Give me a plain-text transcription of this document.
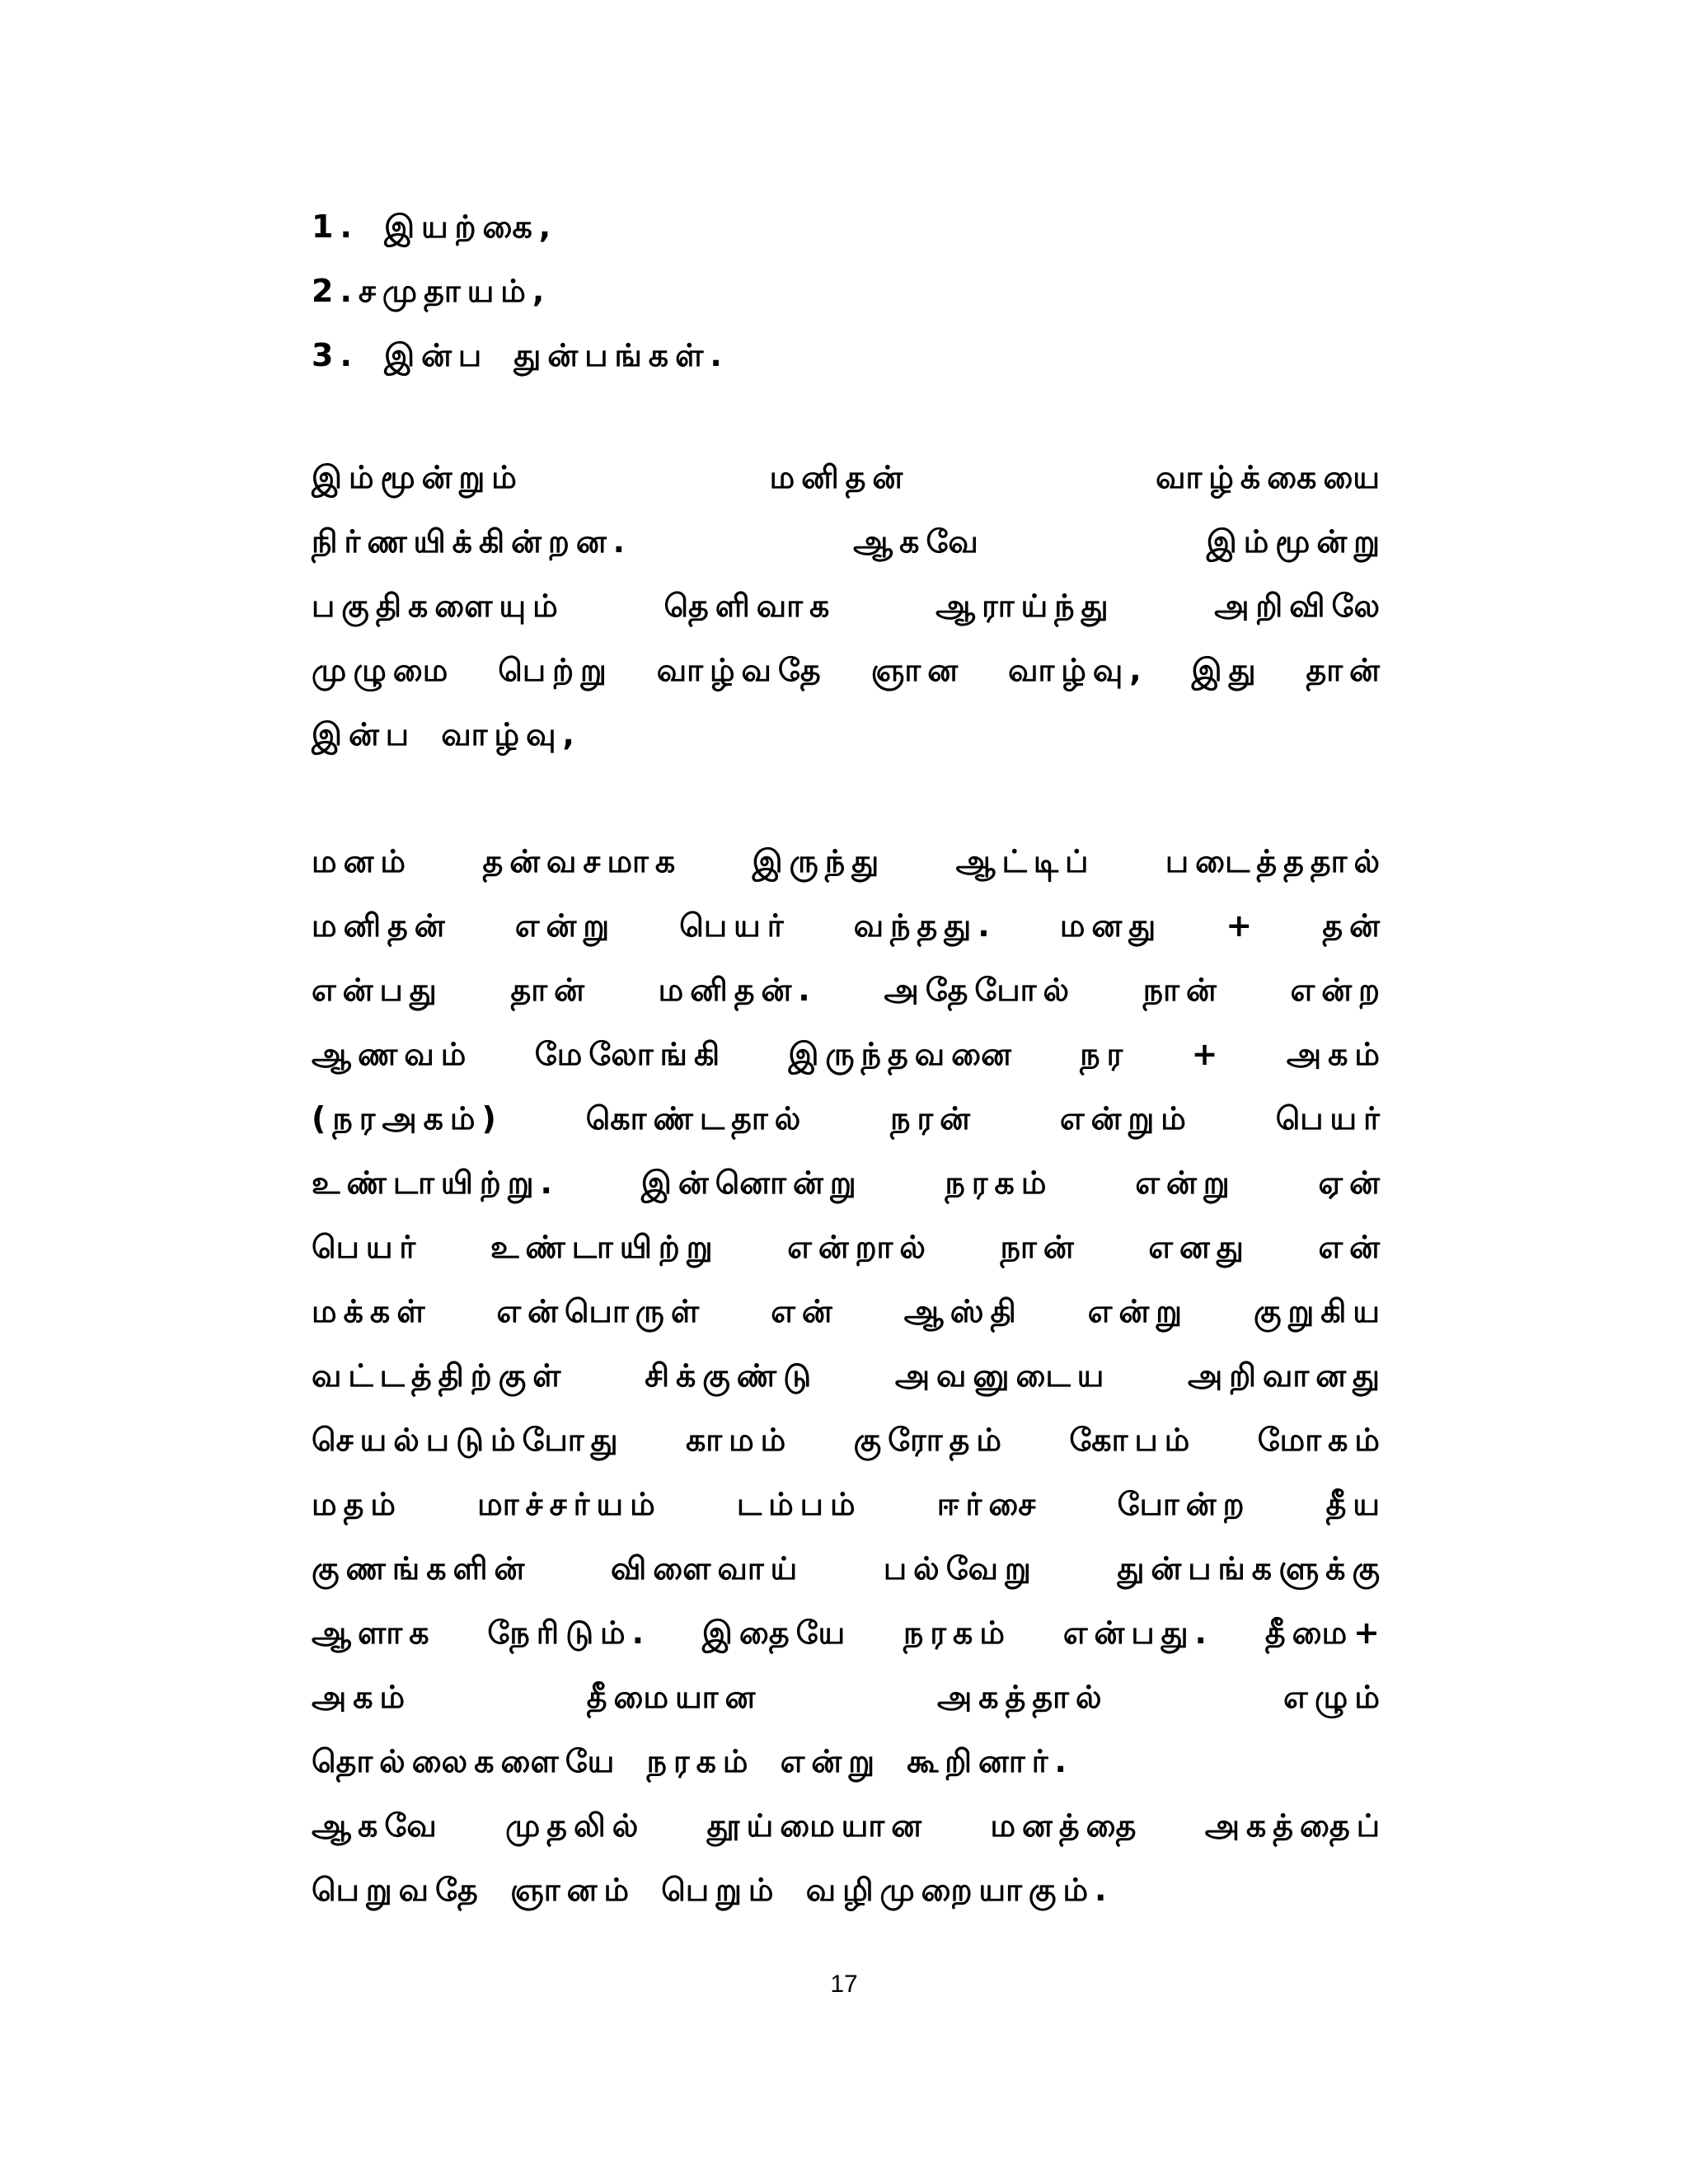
1. இயற்கை,
2.சமுதாயம்,
3. இன்ப துன்பங்கள்.
இம்மூன்றும் மனிதன் வாழ்க்கையை
நிர்ணயிக்கின்றன. ஆகவே இம்மூன்று
பகுதிகளையும் தெளிவாக ஆராய்ந்து அறிவிலே
முழுமை பெற்று வாழ்வதே ஞான வாழ்வு, இது தான்
இன்ப வாழ்வு,
மனம் தன்வசமாக இருந்து ஆட்டிப் படைத்ததால்
மனிதன் என்று பெயர் வந்தது. மனது + தன்
என்பது தான் மனிதன். அதேபோல் நான் என்ற
ஆணவம் மேலோங்கி இருந்தவனை நர + அகம்
(நரஅகம்) கொண்டதால் நரன் என்றும் பெயர்
உண்டாயிற்று. இன்னொன்று நரகம் என்று ஏன்
பெயர் உண்டாயிற்று என்றால் நான் எனது என்
மக்கள் என்பொருள் என் ஆஸ்தி என்று குறுகிய
வட்டத்திற்குள் சிக்குண்டு அவனுடைய அறிவானது
செயல்படும்போது காமம் குரோதம் கோபம் மோகம்
மதம் மாச்சர்யம் டம்பம் ஈர்சை போன்ற தீய
குணங்களின் விளைவாய் பல்வேறு துன்பங்களுக்கு
ஆளாக நேரிடும். இதையே நரகம் என்பது. தீமை+
அகம் தீமையான அகத்தால் எழும்
தொல்லைகளையே நரகம் என்று கூறினார்.
ஆகவே முதலில் தூய்மையான மனத்தை அகத்தைப்
பெறுவதே ஞானம் பெறும் வழிமுறையாகும்.
17
